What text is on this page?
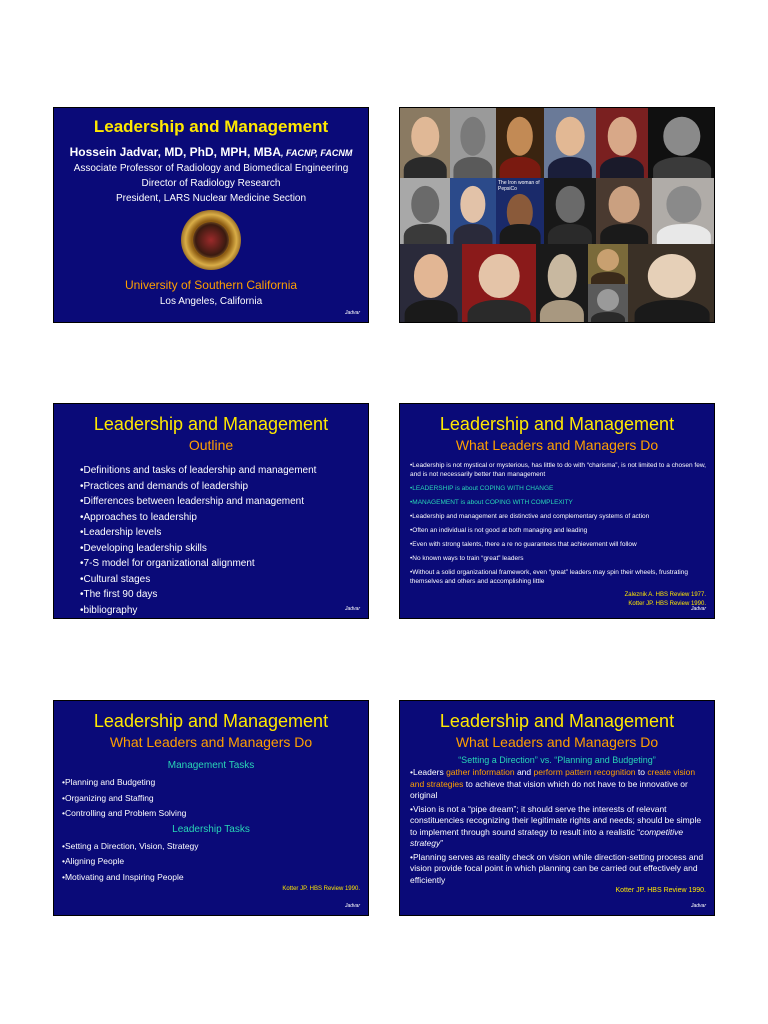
Leadership and Management
Hossein Jadvar, MD, PhD, MPH, MBA, FACNP, FACNM
Associate Professor of Radiology and Biomedical Engineering
Director of Radiology Research
President, LARS Nuclear Medicine Section
University of Southern California
Los Angeles, California
Jadvar
The Iron woman of PepsiCo
Leadership and Management
Outline
•Definitions and tasks of leadership and management
•Practices and demands of leadership
•Differences between leadership and management
•Approaches to leadership
•Leadership levels
•Developing leadership skills
•7-S model for organizational alignment
•Cultural stages
•The first 90 days
•bibliography	Jadvar
Leadership and Management
What Leaders and Managers Do
•Leadership is not mystical or mysterious, has little to do with “charisma”, is not limited to a chosen few, and is not necessarily better than management
•LEADERSHIP is about COPING WITH CHANGE
•MANAGEMENT is about COPING WITH COMPLEXITY
•Leadership and management are distinctive and complementary systems of action
•Often an individual is not good at both managing and leading
•Even with strong talents, there a re no guarantees that achievement will follow
•No known ways to train “great” leaders
•Without a solid organizational framework, even “great” leaders may spin their wheels, frustrating themselves and others and accomplishing little
Zaleznik A. HBS Review 1977.
Kotter JP. HBS Review 1990.
Jadvar
Leadership and Management
What Leaders and Managers Do
Management Tasks
•Planning and Budgeting
•Organizing and Staffing
•Controlling and Problem Solving
Leadership Tasks
•Setting a Direction, Vision, Strategy
•Aligning People
•Motivating and Inspiring People
Kotter JP. HBS Review 1990.
Jadvar
Leadership and Management
What Leaders and Managers Do
“Setting a Direction” vs. “Planning and Budgeting”
•Leaders gather information and perform pattern recognition to create vision and strategies to achieve that vision which do not have to be innovative or original
•Vision is not a “pipe dream”; it should serve the interests of relevant constituencies recognizing their legitimate rights and needs; should be simple to implement through sound strategy to result into a realistic “competitive strategy”
•Planning serves as reality check on vision while direction-setting process and vision provide focal point in which planning can be carried out effectively and efficiently
Kotter JP. HBS Review 1990.
Jadvar
